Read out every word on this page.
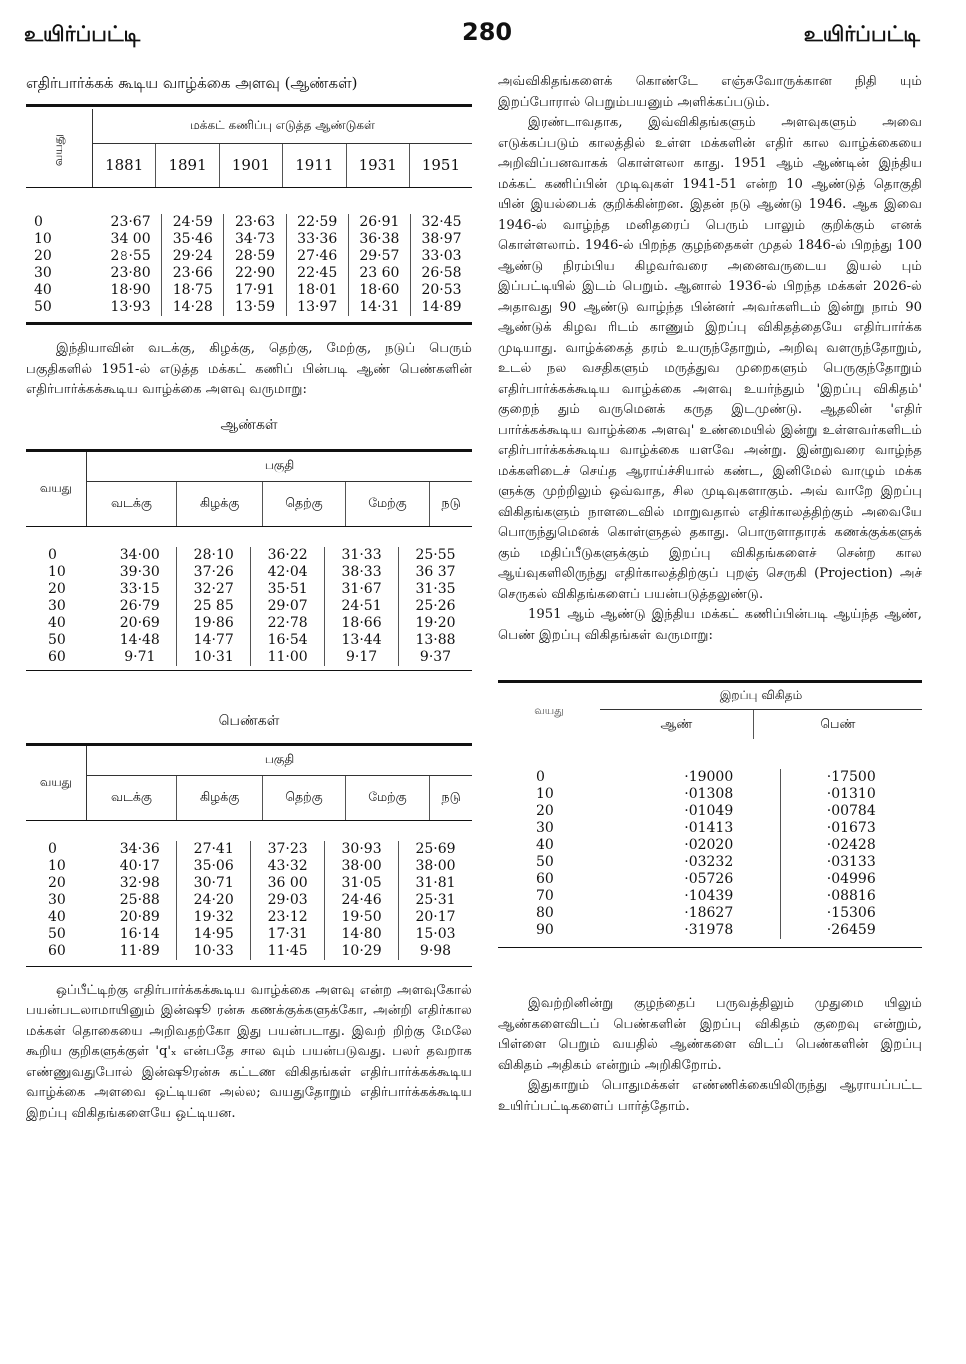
உயிர்ப்பட்டி	280	உயிர்ப்பட்டி
எதிர்பார்க்கக் கூடிய வாழ்க்கை அளவு (ஆண்கள்)
வயது	மக்கட் கணிப்பு எடுத்த ஆண்டுகள்					
	1881	1891	1901	1911	1931	1951
0	23·67	24·59	23·63	22·59	26·91	32·45
10	34 00	35·46	34·73	33·36	36·38	38·97
20	2৪·55	29·24	28·59	27·46	29·57	33·03
30	23·80	23·66	22·90	22·45	23 60	26·58
40	18·90	18·75	17·91	18·01	18·60	20·53
50	13·93	14·28	13·59	13·97	14·31	14·89

இந்தியாவின் வடக்கு, கிழக்கு, தெற்கு, மேற்கு, நடுப் பெரும் பகுதிகளில் 1951-ல் எடுத்த மக்கட் கணிப் பின்படி ஆண் பெண்களின் எதிர்பார்க்கக்கூடிய வாழ்க்கை அளவு வருமாறு:

ஆண்கள்
வயது	பகுதி				
	வடக்கு	கிழக்கு	தெற்கு	மேற்கு	நடு
0	34·00	28·10	36·22	31·33	25·55
10	39·30	37·26	42·04	38·33	36 37
20	33·15	32·27	35·51	31·67	31·35
30	26·79	25 85	29·07	24·51	25·26
40	20·69	19·86	22·78	18·66	19·20
50	14·48	14·77	16·54	13·44	13·88
60	9·71	10·31	11·00	9·17	9·37
பெண்கள்
வயது	பகுதி				
	வடக்கு	கிழக்கு	தெற்கு	மேற்கு	நடு
0	34·36	27·41	37·23	30·93	25·69
10	40·17	35·06	43·32	38·00	38·00
20	32·98	30·71	36 00	31·05	31·81
30	25·88	24·20	29·03	24·46	25·31
40	20·89	19·32	23·12	19·50	20·17
50	16·14	14·95	17·31	14·80	15·03
60	11·89	10·33	11·45	10·29	9·98

ஒப்பீட்டிற்கு எதிர்பார்க்கக்கூடிய வாழ்க்கை அளவு என்ற அளவுகோல் பயன்படலாமாயினும் இன்ஷூ ரன்சு கணக்குக்களுக்கோ, அன்றி எதிர்கால மக்கள் தொகையை அறிவதற்கோ இது பயன்படாது. இவற் றிற்கு மேலே கூறிய குறிகளுக்குள் 'q'ₓ என்பதே சால வும் பயன்படுவது. பலர் தவறாக எண்ணுவதுபோல் இன்ஷூரன்சு கட்டண விகிதங்கள் எதிர்பார்க்கக்கூடிய வாழ்க்கை அளவை ஒட்டியன அல்ல; வயதுதோறும் எதிர்பார்க்கக்கூடிய இறப்பு விகிதங்களையே ஒட்டியன.

அவ்விகிதங்களைக் கொண்டே எஞ்சுவோருக்கான நிதி யும் இறப்போரால் பெறும்பயனும் அளிக்கப்படும்.

இரண்டாவதாக, இவ்விகிதங்களும் அளவுகளும் அவை எடுக்கப்படும் காலத்தில் உள்ள மக்களின் எதிர் கால வாழ்க்கையை அறிவிப்பனவாகக் கொள்ளலா காது. 1951 ஆம் ஆண்டின் இந்திய மக்கட் கணிப்பின் முடிவுகள் 1941-51 என்ற 10 ஆண்டுத் தொகுதி யின் இயல்பைக் குறிக்கின்றன. இதன் நடு ஆண்டு 1946. ஆக இவை 1946-ல் வாழ்ந்த மனிதரைப் பெரும் பாலும் குறிக்கும் எனக் கொள்ளலாம். 1946-ல் பிறந்த குழந்தைகள் முதல் 1846-ல் பிறந்து 100 ஆண்டு நிரம்பிய கிழவர்வரை அனைவருடைய இயல் பும் இப்பட்டியில் இடம் பெறும். ஆனால் 1936-ல் பிறந்த மக்கள் 2026-ல் அதாவது 90 ஆண்டு வாழ்ந்த பின்னர் அவர்களிடம் இன்று நாம் 90 ஆண்டுக் கிழவ ரிடம் காணும் இறப்பு விகிதத்தையே எதிர்பார்க்க முடியாது. வாழ்க்கைத் தரம் உயருந்தோறும், அறிவு வளருந்தோறும், உடல் நல வசதிகளும் மருத்துவ முறைகளும் பெருகுந்தோறும் எதிர்பார்க்கக்கூடிய வாழ்க்கை அளவு உயர்ந்தும் 'இறப்பு விகிதம்' குறைந் தும் வருமெனக் கருத இடமுண்டு. ஆதலின் 'எதிர் பார்க்கக்கூடிய வாழ்க்கை அளவு' உண்மையில் இன்று உள்ளவர்களிடம் எதிர்பார்க்கக்கூடிய வாழ்க்கை யளவே அன்று. இன்றுவரை வாழ்ந்த மக்களிடைச் செய்த ஆராய்ச்சியால் கண்ட, இனிமேல் வாழும் மக்க ளுக்கு முற்றிலும் ஒவ்வாத, சில முடிவுகளாகும். அவ் வாறே இறப்பு விகிதங்களும் நாளடைவில் மாறுவதால் எதிர்காலத்திற்கும் அவையே பொருந்துமெனக் கொள்ளுதல் தகாது. பொருளாதாரக் கணக்குக்களுக் கும் மதிப்பீடுகளுக்கும் இறப்பு விகிதங்களைச் சென்ற கால ஆய்வுகளிலிருந்து எதிர்காலத்திற்குப் புறஞ் செருகி (Projection) அச் செருகல் விகிதங்களைப் பயன்படுத்தலுண்டு.

1951 ஆம் ஆண்டு இந்திய மக்கட் கணிப்பின்படி ஆய்ந்த ஆண், பெண் இறப்பு விகிதங்கள் வருமாறு:

வயது	இறப்பு விகிதம்	
	ஆண்	பெண்
0	·19000	·17500
10	·01308	·01310
20	·01049	·00784
30	·01413	·01673
40	·02020	·02428
50	·03232	·03133
60	·05726	·04996
70	·10439	·08816
80	·18627	·15306
90	·31978	·26459

இவற்றினின்று குழந்தைப் பருவத்திலும் முதுமை யிலும் ஆண்களைவிடப் பெண்களின் இறப்பு விகிதம் குறைவு என்றும், பிள்ளை பெறும் வயதில் ஆண்களை விடப் பெண்களின் இறப்பு விகிதம் அதிகம் என்றும் அறிகிறோம்.

இதுகாறும் பொதுமக்கள் எண்ணிக்கையிலிருந்து ஆராயப்பட்ட உயிர்ப்பட்டிகளைப் பார்த்தோம்.
